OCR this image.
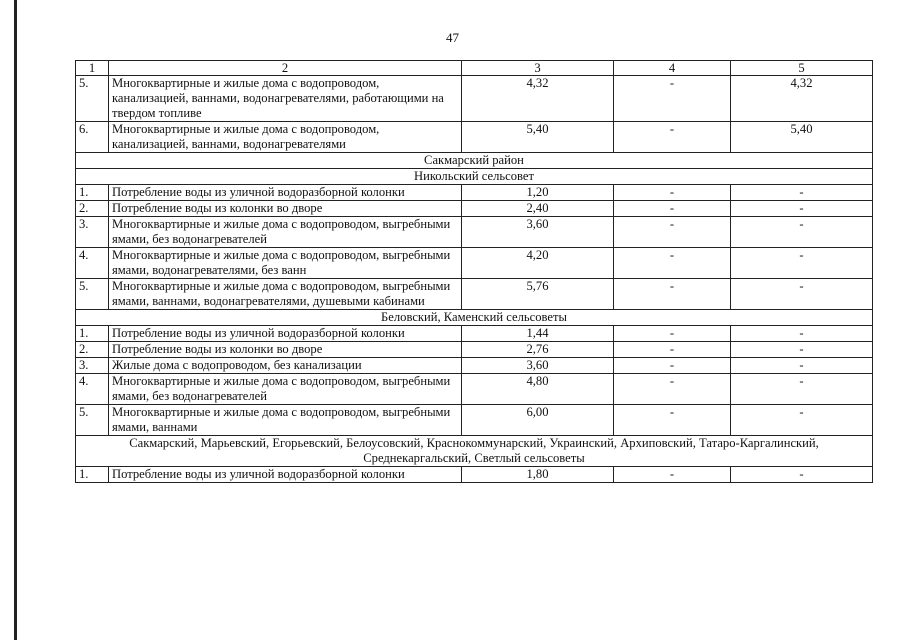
47
1	2	3	4	5
5.	Многоквартирные и жилые дома с водопроводом, канализацией, ваннами, водонагревателями, работающими на твердом топливе	4,32	-	4,32
6.	Многоквартирные и жилые дома с водопроводом, канализацией, ваннами, водонагревателями	5,40	-	5,40
Сакмарский район				
Никольский сельсовет				
1.	Потребление воды из уличной водоразборной колонки	1,20	-	-
2.	Потребление воды из колонки во дворе	2,40	-	-
3.	Многоквартирные и жилые дома с водопроводом, выгребными ямами, без водонагревателей	3,60	-	-
4.	Многоквартирные и жилые дома с водопроводом, выгребными ямами, водонагревателями, без ванн	4,20	-	-
5.	Многоквартирные и жилые дома с водопроводом, выгребными ямами, ваннами, водонагревателями, душевыми кабинами	5,76	-	-
Беловский, Каменский сельсоветы				
1.	Потребление воды из уличной водоразборной колонки	1,44	-	-
2.	Потребление воды из колонки во дворе	2,76	-	-
3.	Жилые дома с водопроводом, без канализации	3,60	-	-
4.	Многоквартирные и жилые дома с водопроводом, выгребными ямами, без водонагревателей	4,80	-	-
5.	Многоквартирные и жилые дома с водопроводом, выгребными ямами, ваннами	6,00	-	-
Сакмарский, Марьевский, Егорьевский, Белоусовский, Краснокоммунарский, Украинский, Архиповский, Татаро-Каргалинский, Среднекаргальский, Светлый сельсоветы				
1.	Потребление воды из уличной водоразборной колонки	1,80	-	-
